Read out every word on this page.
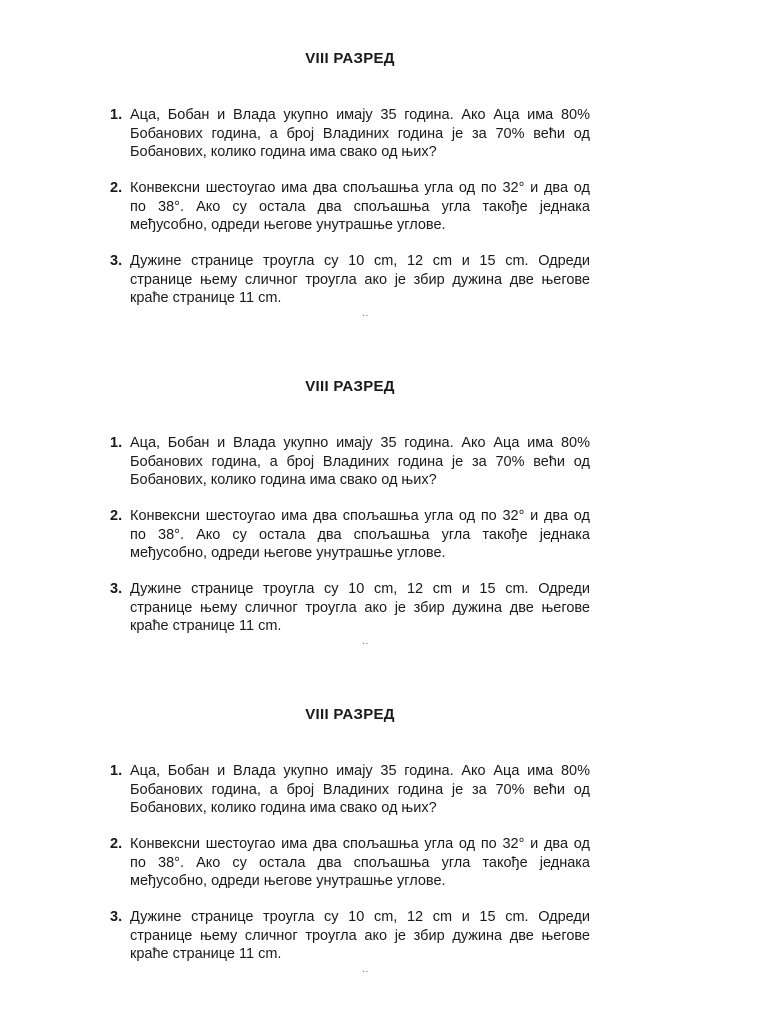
VIII РАЗРЕД
1. Аца, Бобан и Влада укупно имају 35 година. Ако Аца има 80% Бобанових година, а број Владиних година је за 70% већи од Бобанових, колико година има свако од њих?
2. Конвексни шестоугао има два спољашња угла од по 32° и два од по 38°. Ако су остала два спољашња угла такође једнака међусобно, одреди његове унутрашње углове.
3. Дужине странице троугла су 10 cm, 12 cm и 15 cm. Одреди странице њему сличног троугла ако је збир дужина две његове краће странице 11 cm.
··
VIII РАЗРЕД
1. Аца, Бобан и Влада укупно имају 35 година. Ако Аца има 80% Бобанових година, а број Владиних година је за 70% већи од Бобанових, колико година има свако од њих?
2. Конвексни шестоугао има два спољашња угла од по 32° и два од по 38°. Ако су остала два спољашња угла такође једнака међусобно, одреди његове унутрашње углове.
3. Дужине странице троугла су 10 cm, 12 cm и 15 cm. Одреди странице њему сличног троугла ако је збир дужина две његове краће странице 11 cm.
··
VIII РАЗРЕД
1. Аца, Бобан и Влада укупно имају 35 година. Ако Аца има 80% Бобанових година, а број Владиних година је за 70% већи од Бобанових, колико година има свако од њих?
2. Конвексни шестоугао има два спољашња угла од по 32° и два од по 38°. Ако су остала два спољашња угла такође једнака међусобно, одреди његове унутрашње углове.
3. Дужине странице троугла су 10 cm, 12 cm и 15 cm. Одреди странице њему сличног троугла ако је збир дужина две његове краће странице 11 cm.
··
